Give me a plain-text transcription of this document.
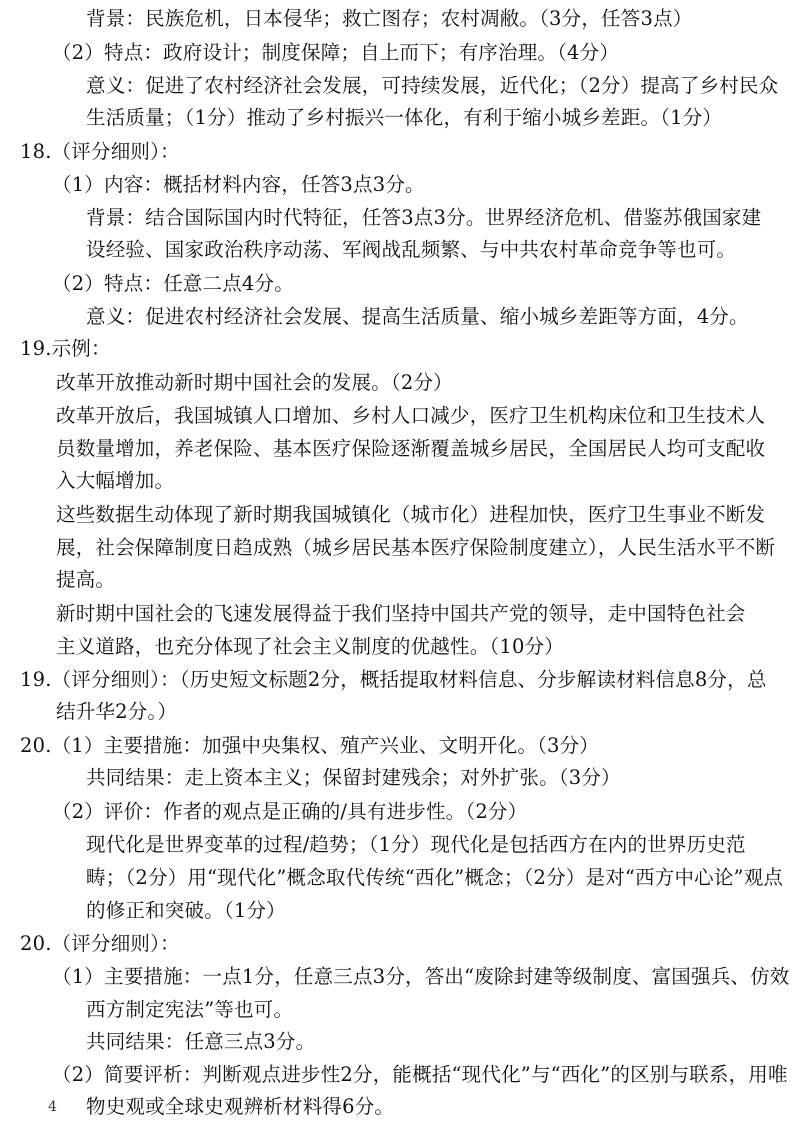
背景：民族危机，日本侵华；救亡图存；农村凋敝。（3分，任答3点）

（2）特点：政府设计；制度保障；自上而下；有序治理。（4分）

意义：促进了农村经济社会发展，可持续发展，近代化；（2分）提高了乡村民众

生活质量；（1分）推动了乡村振兴一体化，有利于缩小城乡差距。（1分）

18.（评分细则）：

（1）内容：概括材料内容，任答3点3分。

背景：结合国际国内时代特征，任答3点3分。世界经济危机、借鉴苏俄国家建

设经验、国家政治秩序动荡、军阀战乱频繁、与中共农村革命竞争等也可。

（2）特点：任意二点4分。

意义：促进农村经济社会发展、提高生活质量、缩小城乡差距等方面，4分。

19.示例：

改革开放推动新时期中国社会的发展。（2分）

改革开放后，我国城镇人口增加、乡村人口减少，医疗卫生机构床位和卫生技术人

员数量增加，养老保险、基本医疗保险逐渐覆盖城乡居民，全国居民人均可支配收

入大幅增加。

这些数据生动体现了新时期我国城镇化（城市化）进程加快，医疗卫生事业不断发

展，社会保障制度日趋成熟（城乡居民基本医疗保险制度建立），人民生活水平不断

提高。

新时期中国社会的飞速发展得益于我们坚持中国共产党的领导，走中国特色社会

主义道路，也充分体现了社会主义制度的优越性。（10分）

19.（评分细则）：（历史短文标题2分，概括提取材料信息、分步解读材料信息8分，总

结升华2分。）

20.（1）主要措施：加强中央集权、殖产兴业、文明开化。（3分）

共同结果：走上资本主义；保留封建残余；对外扩张。（3分）

（2）评价：作者的观点是正确的/具有进步性。（2分）

现代化是世界变革的过程/趋势；（1分）现代化是包括西方在内的世界历史范

畴；（2分）用“现代化”概念取代传统“西化”概念；（2分）是对“西方中心论”观点

的修正和突破。（1分）

20.（评分细则）：

（1）主要措施：一点1分，任意三点3分，答出“废除封建等级制度、富国强兵、仿效

西方制定宪法”等也可。

共同结果：任意三点3分。

（2）简要评析：判断观点进步性2分，能概括“现代化”与“西化”的区别与联系，用唯

物史观或全球史观辨析材料得6分。

4
